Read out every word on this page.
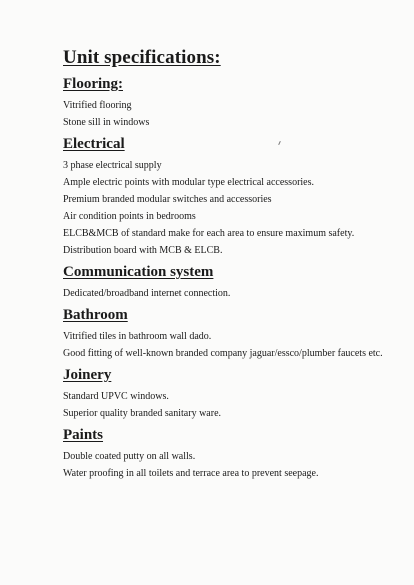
Unit specifications:
Flooring:
Vitrified flooring
Stone sill in windows
Electrical
3 phase electrical supply
Ample electric points with modular type electrical accessories.
Premium branded modular switches and accessories
Air condition points in bedrooms
ELCB&MCB of standard make for each area to ensure maximum safety.
Distribution board with MCB & ELCB.
Communication system
Dedicated/broadband internet connection.
Bathroom
Vitrified tiles in bathroom wall dado.
Good fitting of well-known branded company jaguar/essco/plumber faucets etc.
Joinery
Standard UPVC windows.
Superior quality branded sanitary ware.
Paints
Double coated putty on all walls.
Water proofing in all toilets and terrace area to prevent seepage.
